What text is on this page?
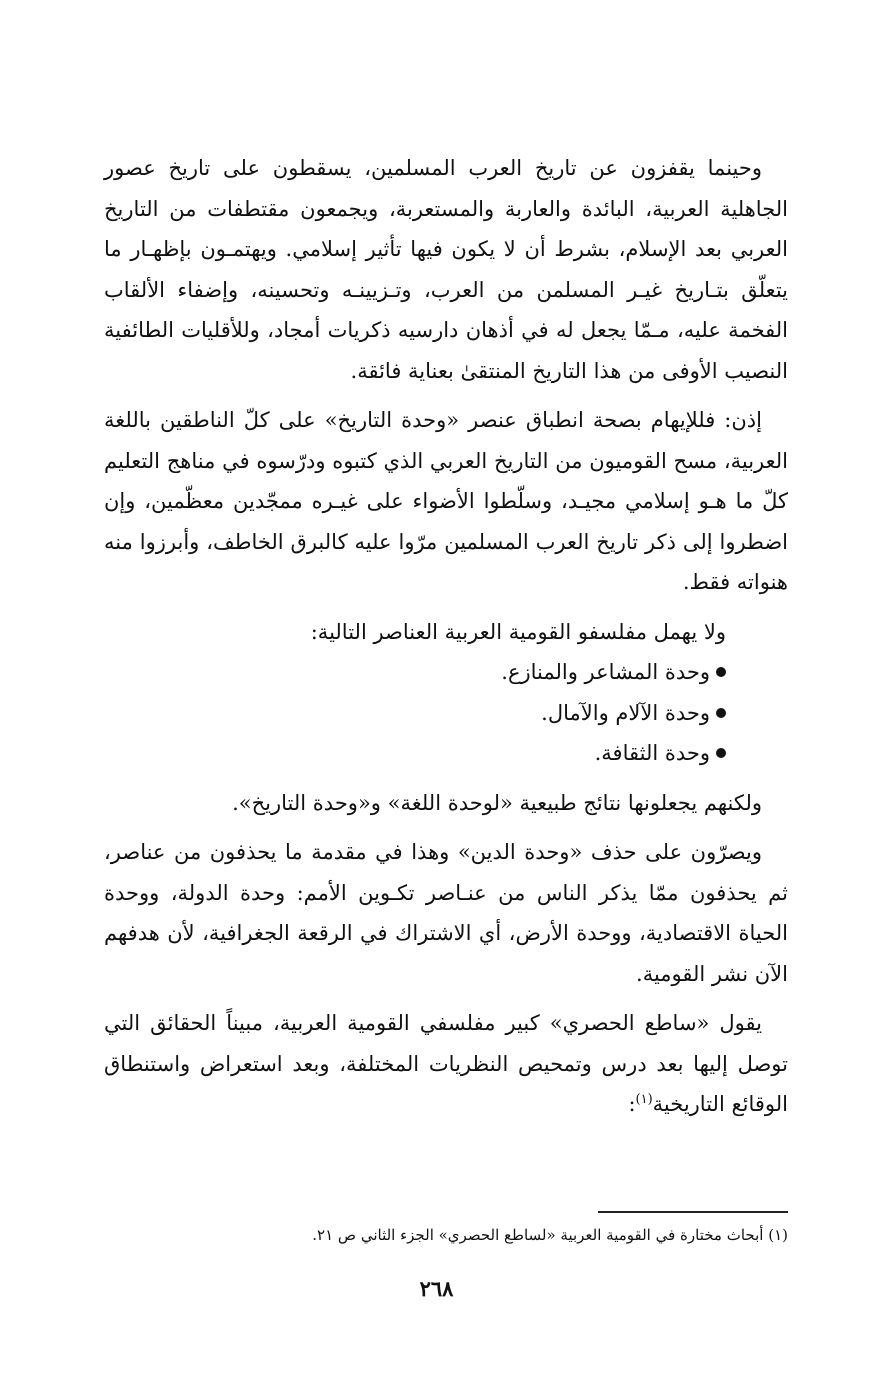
وحينما يقفزون عن تاريخ العرب المسلمين، يسقطون على تاريخ عصور الجاهلية العربية، البائدة والعاربة والمستعربة، ويجمعون مقتطفات من التاريخ العربي بعد الإسلام، بشرط أن لا يكون فيها تأثير إسلامي. ويهتمـون بإظهـار ما يتعلّق بتـاريخ غيـر المسلمن من العرب، وتـزيينـه وتحسينه، وإضفاء الألقاب الفخمة عليه، مـمّا يجعل له في أذهان دارسيه ذكريات أمجاد، وللأقليات الطائفية النصيب الأوفى من هذا التاريخ المنتقىٰ بعناية فائقة.

إذن: فللإيهام بصحة انطباق عنصر «وحدة التاريخ» على كلّ الناطقين باللغة العربية، مسح القوميون من التاريخ العربي الذي كتبوه ودرّسوه في مناهج التعليم كلّ ما هـو إسلامي مجيـد، وسلّطوا الأضواء على غيـره ممجّدين معظّمين، وإن اضطروا إلى ذكر تاريخ العرب المسلمين مرّوا عليه كالبرق الخاطف، وأبرزوا منه هنواته فقط.

ولا يهمل مفلسفو القومية العربية العناصر التالية:

وحدة المشاعر والمنازع.
وحدة الآلام والآمال.
وحدة الثقافة.

ولكنهم يجعلونها نتائج طبيعية «لوحدة اللغة» و«وحدة التاريخ».

ويصرّون على حذف «وحدة الدين» وهذا في مقدمة ما يحذفون من عناصر، ثم يحذفون ممّا يذكر الناس من عنـاصر تكـوين الأمم: وحدة الدولة، ووحدة الحياة الاقتصادية، ووحدة الأرض، أي الاشتراك في الرقعة الجغرافية، لأن هدفهم الآن نشر القومية.

يقول «ساطع الحصري» كبير مفلسفي القومية العربية، مبيناً الحقائق التي توصل إليها بعد درس وتمحيص النظريات المختلفة، وبعد استعراض واستنطاق الوقائع التاريخية$^{(١)}$:

(١) أبحاث مختارة في القومية العربية «لساطع الحصري» الجزء الثاني ص ٢١.

٢٦٨
